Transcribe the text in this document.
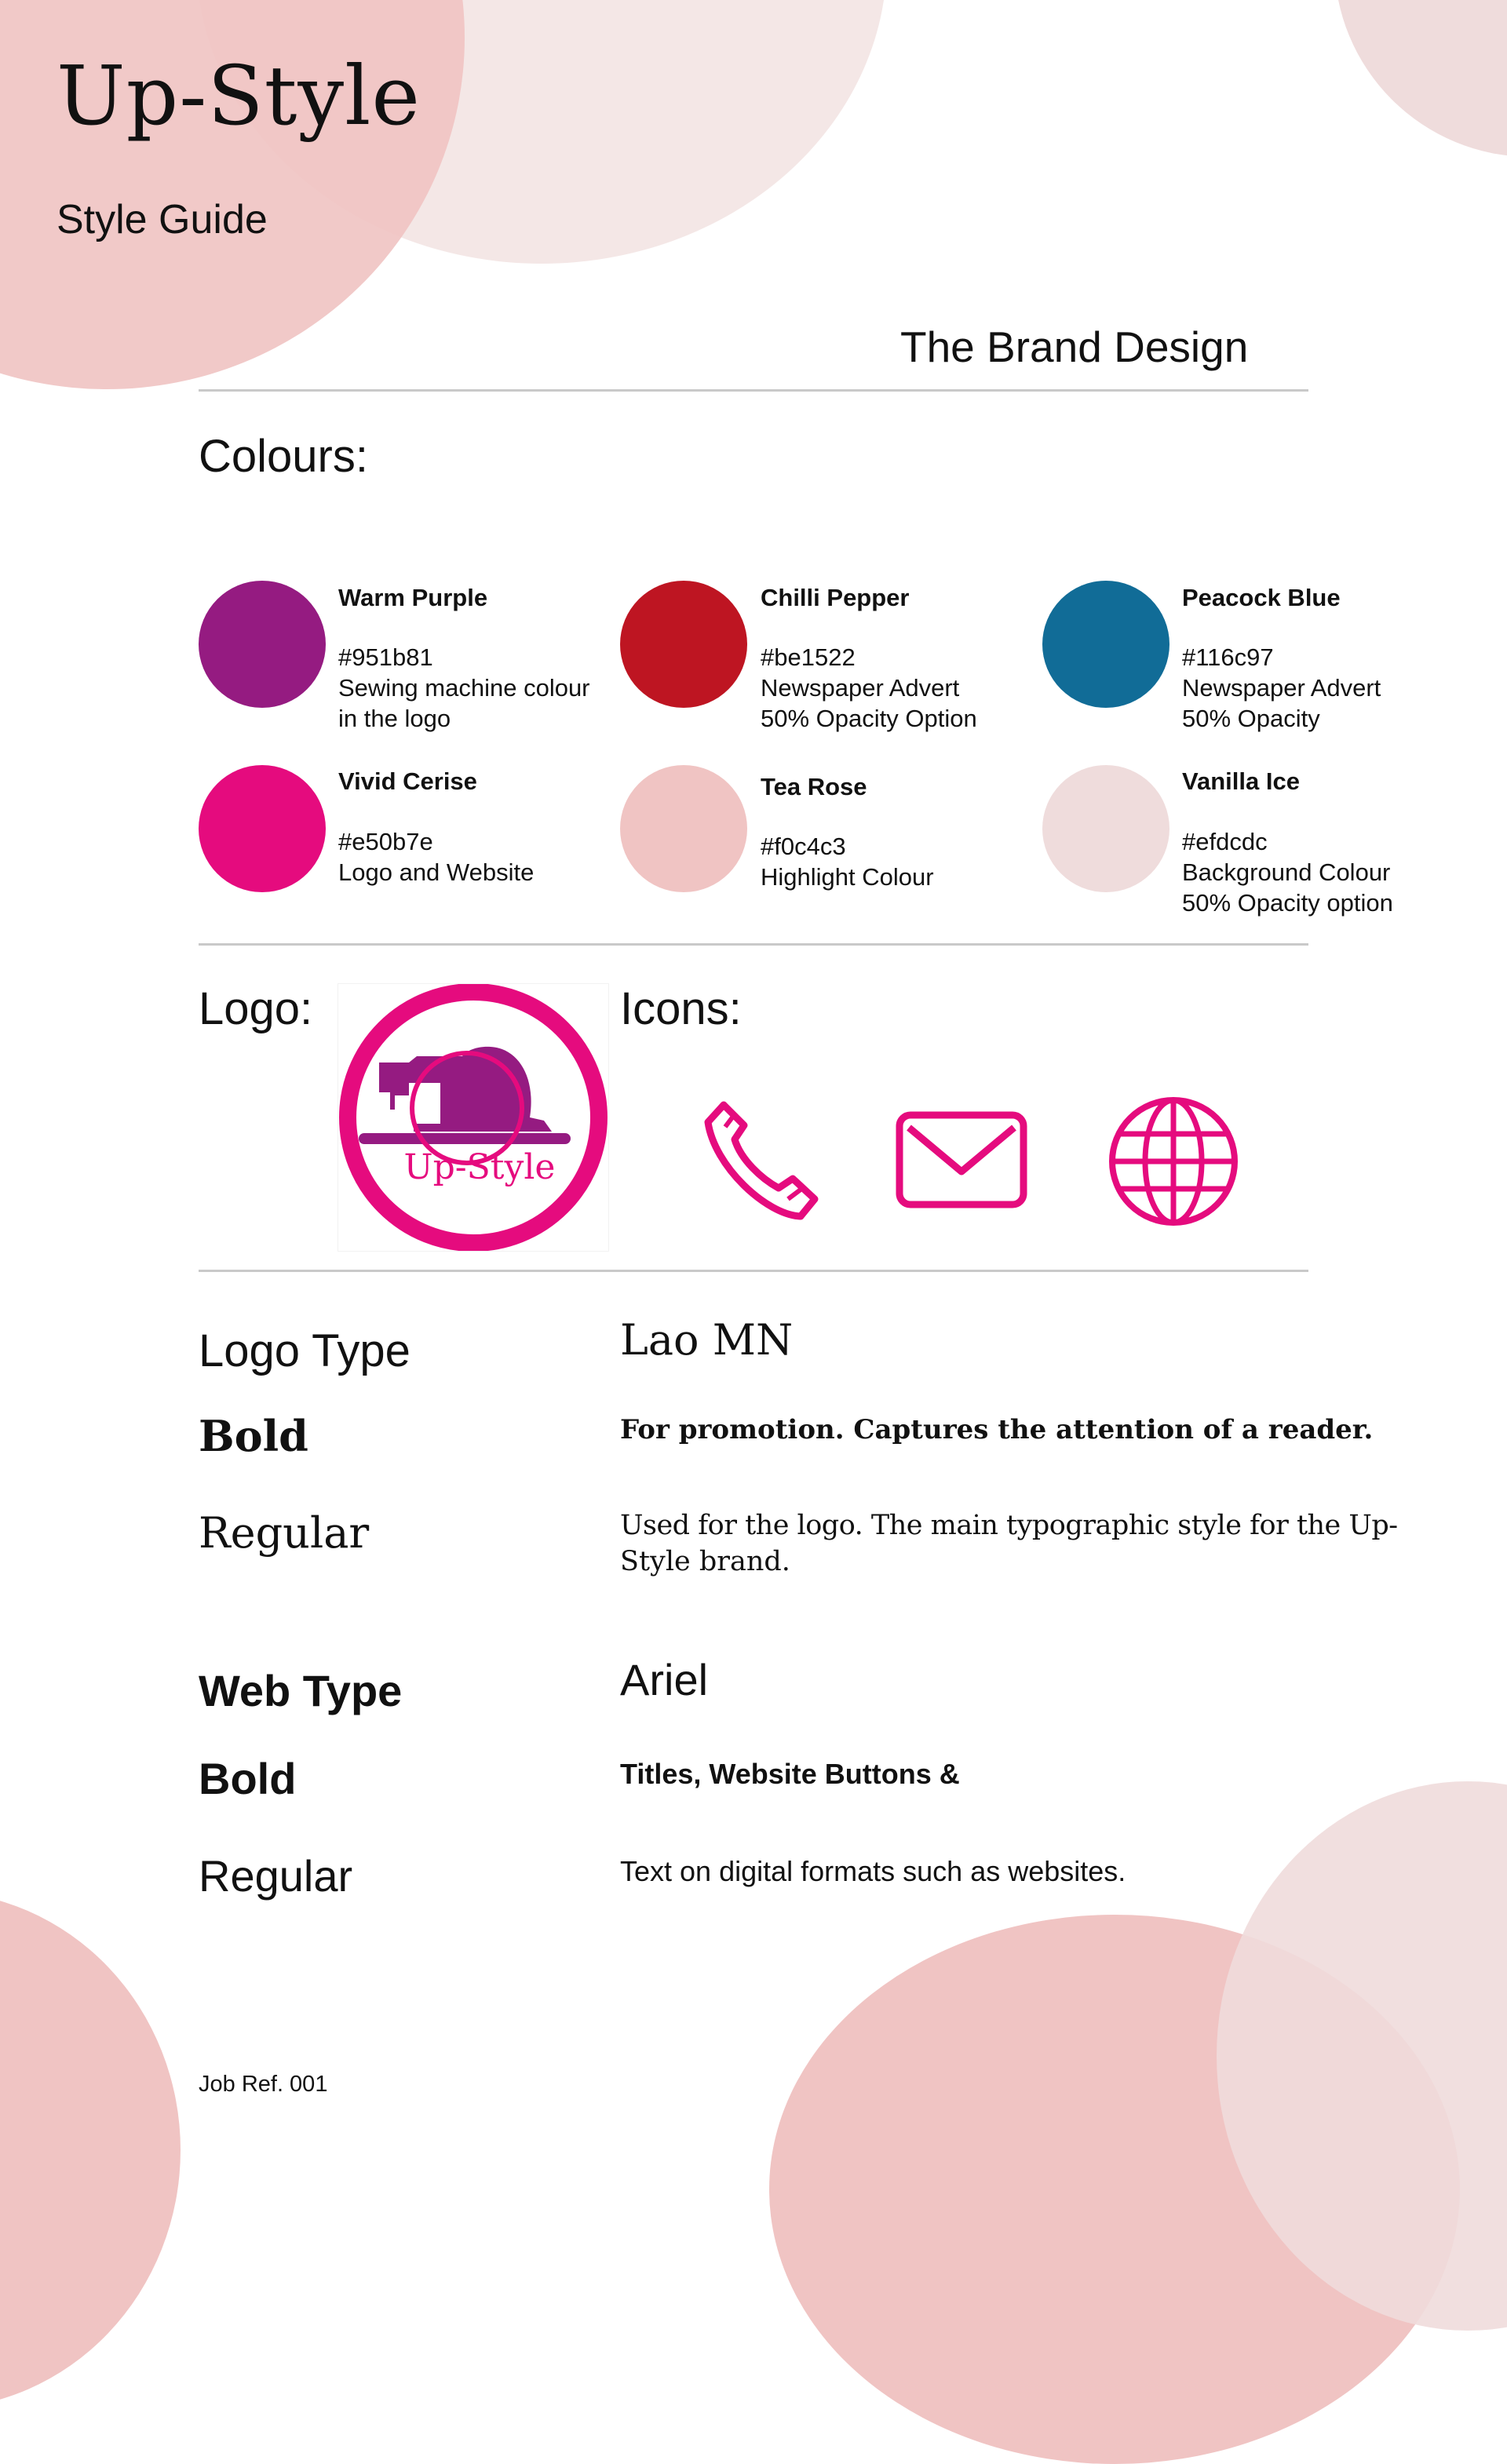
Up-Style
Style Guide
The Brand Design
Colours:
Warm Purple
#951b81
Sewing machine colour
in the logo
Chilli Pepper
#be1522
Newspaper Advert
50% Opacity Option
Peacock Blue
#116c97
Newspaper Advert
50% Opacity
Vivid Cerise
#e50b7e
Logo and Website
Tea Rose
#f0c4c3
Highlight Colour
Vanilla Ice
#efdcdc
Background Colour
50% Opacity option
Logo:
Up-Style
Icons:
Logo Type	Lao MN
Bold	For promotion. Captures the attention of a reader.
Regular	Used for the logo. The main typographic style for the Up-
Style brand.
Web Type	Ariel
Bold	Titles, Website Buttons &
Regular	Text on digital formats such as websites.
Job Ref. 001
